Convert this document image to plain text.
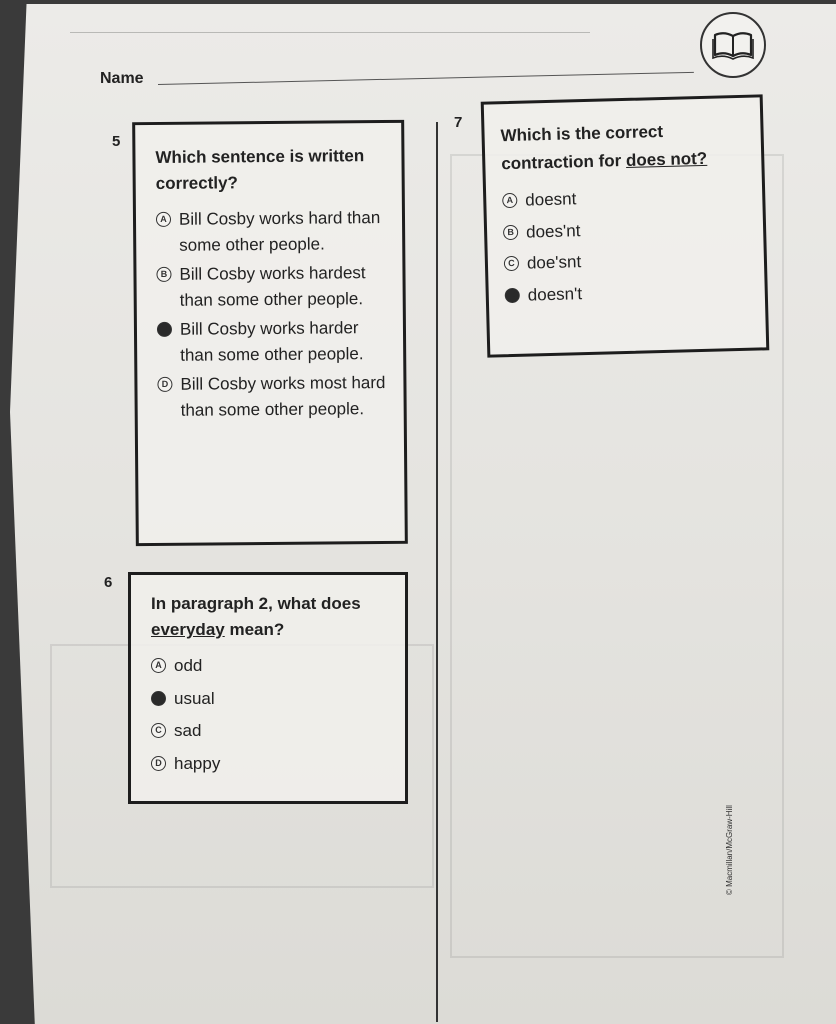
Name
5

Which sentence is written correctly?

A Bill Cosby works hard than some other people.
B Bill Cosby works hardest than some other people.
C Bill Cosby works harder than some other people.
D Bill Cosby works most hard than some other people.
6

In paragraph 2, what does everyday mean?

A odd
B usual
C sad
D happy
7 Which is the correct contraction for does not?

A doesnt
B does'nt
C doe'snt
D doesn't
© Macmillan/McGraw-Hill
